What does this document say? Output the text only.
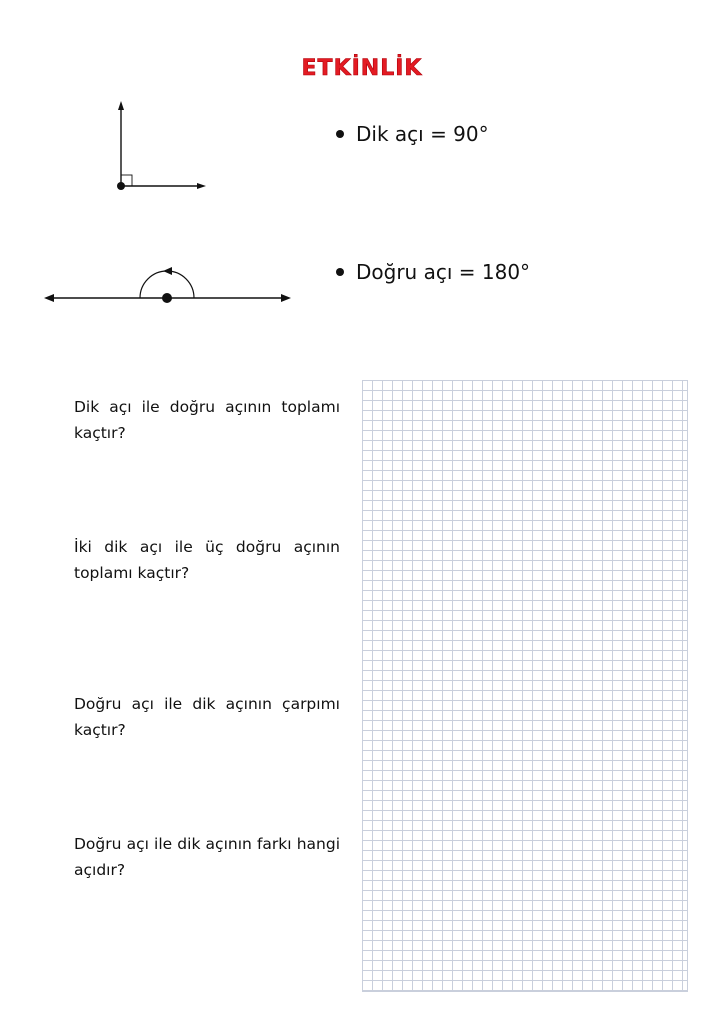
ETKİNLİK
Dik açı = 90°
Doğru açı = 180°
Dik açı ile doğru açının toplamı kaçtır?
İki dik açı ile üç doğru açının toplamı kaçtır?
Doğru açı ile dik açının çarpımı kaçtır?
Doğru açı ile dik açının farkı hangi açıdır?
